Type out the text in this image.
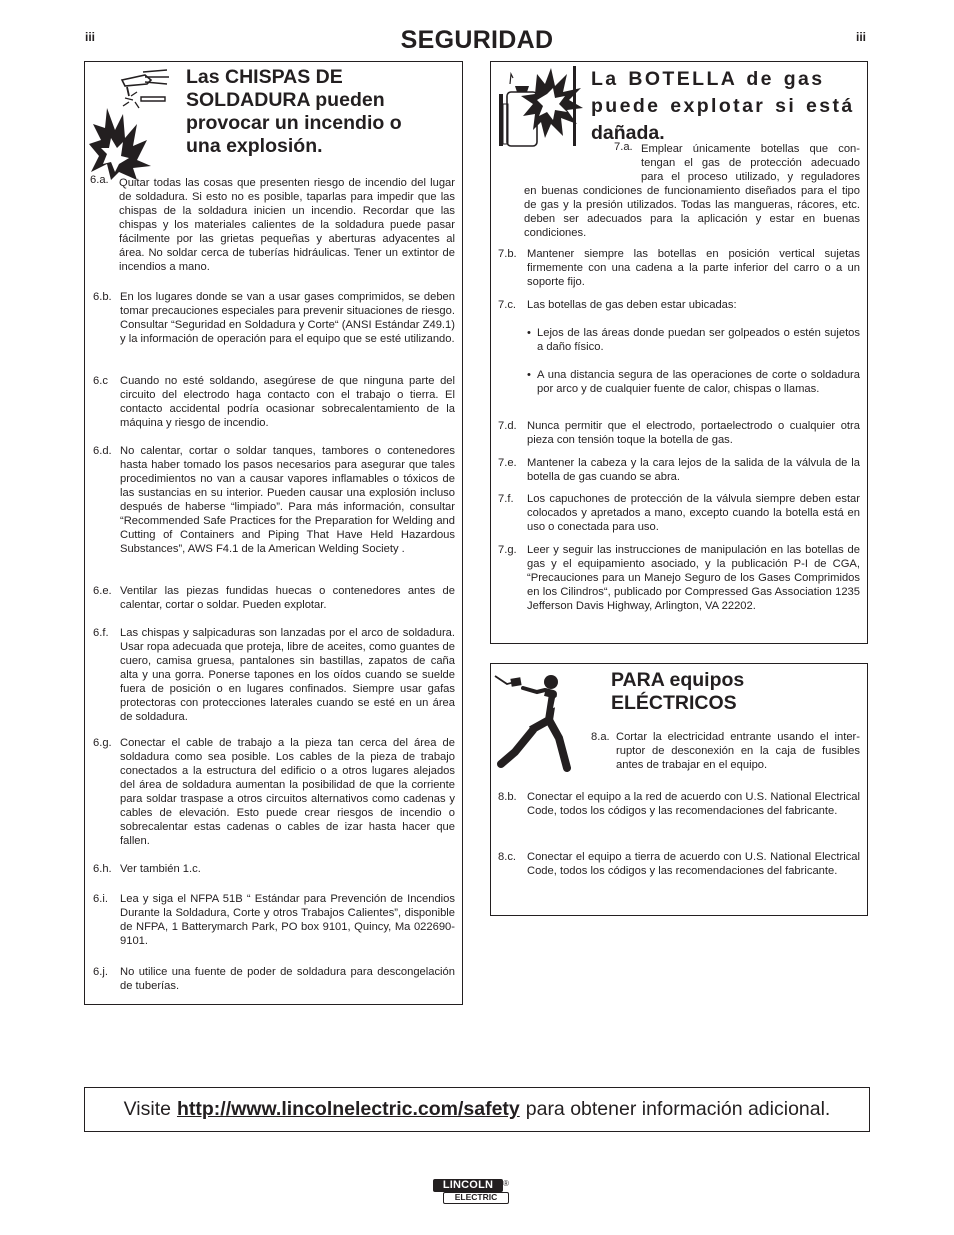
iii	iii
SEGURIDAD
Las CHISPAS DE
SOLDADURA pueden
provocar un incendio o
una explosión.
6.a. Quitar todas las cosas que presenten riesgo de incendio del lugar de soldadura. Si esto no es posible, taparlas para impedir que las chispas de la soldadura inicien un incendio. Recordar que las chispas y los materiales calientes de la soldadura puede pasar fácilmente por las grietas pequeñas y aberturas adyacentes al área. No soldar cerca de tuberías hidráulicas. Tener un extintor de incendios a mano.
6.b. En los lugares donde se van a usar gases comprimidos, se deben tomar precauciones especiales para prevenir situaciones de riesgo. Consultar “Seguridad en Soldadura y Corte“ (ANSI Estándar Z49.1) y la información de operación para el equipo que se esté utilizando.
6.c Cuando no esté soldando, asegúrese de que ninguna parte del circuito del electrodo haga contacto con el trabajo o tierra. El contacto accidental podría ocasionar sobrecalentamiento de la máquina y riesgo de incendio.
6.d. No calentar, cortar o soldar tanques, tambores o contenedores hasta haber tomado los pasos necesarios para asegurar que tales procedimientos no van a causar vapores inflamables o tóxicos de las sustancias en su interior. Pueden causar una explosión incluso después de haberse “limpiado”. Para más información, consultar “Recommended Safe Practices for the Preparation for Welding and Cutting of Containers and Piping That Have Held Hazardous Substances”, AWS F4.1 de la American Welding Society .
6.e. Ventilar las piezas fundidas huecas o contenedores antes de calentar, cortar o soldar. Pueden explotar.
6.f. Las chispas y salpicaduras son lanzadas por el arco de soldadura. Usar ropa adecuada que proteja, libre de aceites, como guantes de cuero, camisa gruesa, pantalones sin bastillas, zapatos de caña alta y una gorra. Ponerse tapones en los oídos cuando se suelde fuera de posición o en lugares confinados. Siempre usar gafas protectoras con protecciones laterales cuando se esté en un área de soldadura.
6.g. Conectar el cable de trabajo a la pieza tan cerca del área de soldadura como sea posible. Los cables de la pieza de trabajo conectados a la estructura del edificio o a otros lugares alejados del área de soldadura aumentan la posibilidad de que la corriente para soldar traspase a otros circuitos alternativos como cadenas y cables de elevación. Esto puede crear riesgos de incendio o sobrecalentar estas cadenas o cables de izar hasta hacer que fallen.
6.h. Ver también 1.c.
6.i. Lea y siga el NFPA 51B “ Estándar para Prevención de Incendios Durante la Soldadura, Corte y otros Trabajos Calientes”, disponible de NFPA, 1 Batterymarch Park, PO box 9101, Quincy, Ma 022690-9101.
6.j. No utilice una fuente de poder de soldadura para descongelación de tuberías.
La BOTELLA de gas
puede explotar si está
dañada.
7.a. Emplear únicamente botellas que con-
tengan el gas de protección adecuado
para el proceso utilizado, y reguladores
en buenas condiciones de funcionamiento diseñados para el tipo de gas y la presión utilizados. Todas las mangueras, rácores, etc. deben ser adecuados para la aplicación y estar en buenas condiciones.
7.b. Mantener siempre las botellas en posición vertical sujetas firmemente con una cadena a la parte inferior del carro o a un soporte fijo.
7.c. Las botellas de gas deben estar ubicadas:
• Lejos de las áreas donde puedan ser golpeados o estén sujetos a daño físico.
• A una distancia segura de las operaciones de corte o soldadura por arco y de cualquier fuente de calor, chispas o llamas.
7.d. Nunca permitir que el electrodo, portaelectrodo o cualquier otra pieza con tensión toque la botella de gas.
7.e. Mantener la cabeza y la cara lejos de la salida de la válvula de la botella de gas cuando se abra.
7.f. Los capuchones de protección de la válvula siempre deben estar colocados y apretados a mano, excepto cuando la botella está en uso o conectada para uso.
7.g. Leer y seguir las instrucciones de manipulación en las botellas de gas y el equipamiento asociado, y la publicación P-I de CGA, “Precauciones para un Manejo Seguro de los Gases Comprimidos en los Cilindros“, publicado por Compressed Gas Association 1235 Jefferson Davis Highway, Arlington, VA 22202.
PARA equipos
ELÉCTRICOS
8.a. Cortar la electricidad entrante usando el inter-
ruptor de desconexión en la caja de fusibles
antes de trabajar en el equipo.
8.b. Conectar el equipo a la red de acuerdo con U.S. National Electrical Code, todos los códigos y las recomendaciones del fabricante.
8.c. Conectar el equipo a tierra de acuerdo con U.S. National Electrical Code, todos los códigos y las recomendaciones del fabricante.
Visite http://www.lincolnelectric.com/safety para obtener información adicional.
LINCOLN
ELECTRIC
®
